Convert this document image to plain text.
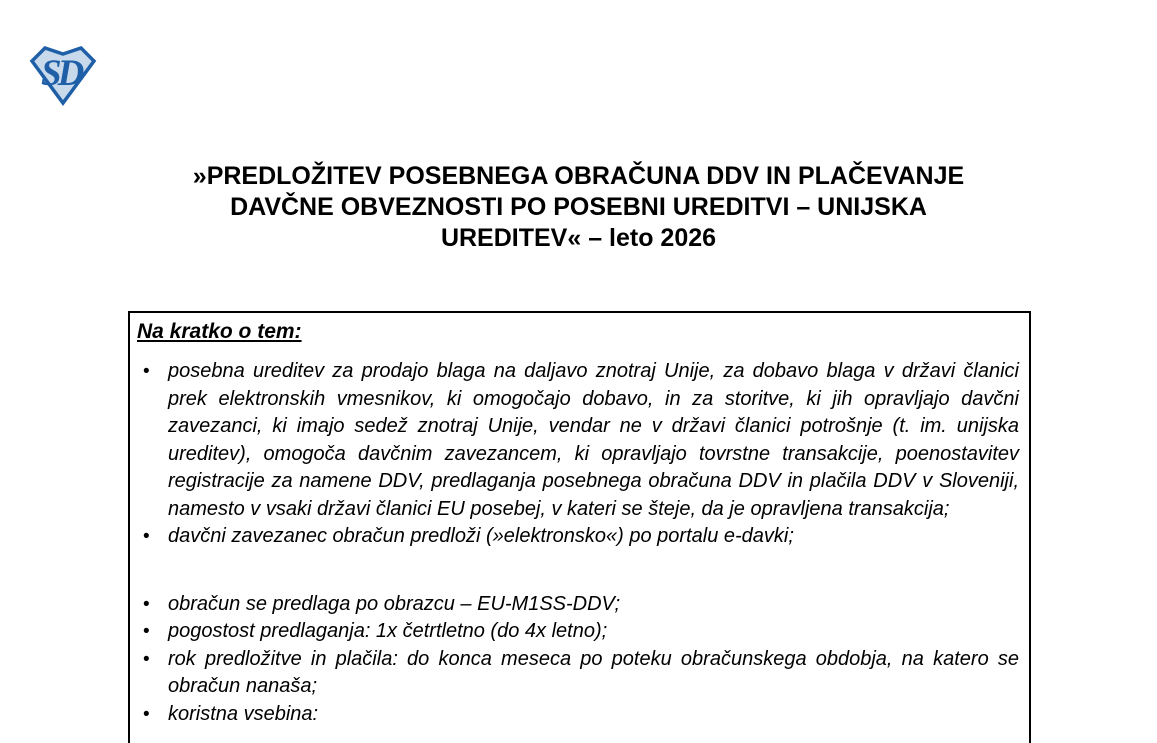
SD
»PREDLOŽITEV POSEBNEGA OBRAČUNA DDV IN PLAČEVANJE
DAVČNE OBVEZNOSTI PO POSEBNI UREDITVI – UNIJSKA
UREDITEV« – leto 2026
Na kratko o tem:
• posebna ureditev za prodajo blaga na daljavo znotraj Unije, za dobavo blaga v državi članici prek elektronskih vmesnikov, ki omogočajo dobavo, in za storitve, ki jih opravljajo davčni zavezanci, ki imajo sedež znotraj Unije, vendar ne v državi članici potrošnje (t. im. unijska ureditev), omogoča davčnim zavezancem, ki opravljajo tovrstne transakcije, poenostavitev registracije za namene DDV, predlaganja posebnega obračuna DDV in plačila DDV v Sloveniji, namesto v vsaki državi članici EU posebej, v kateri se šteje, da je opravljena transakcija;
• davčni zavezanec obračun predloži (»elektronsko«) po portalu e-davki;
• obračun se predlaga po obrazcu – EU-M1SS-DDV;
• pogostost predlaganja: 1x četrtletno (do 4x letno);
• rok predložitve in plačila: do konca meseca po poteku obračunskega obdobja, na katero se obračun nanaša;
• koristna vsebina:
